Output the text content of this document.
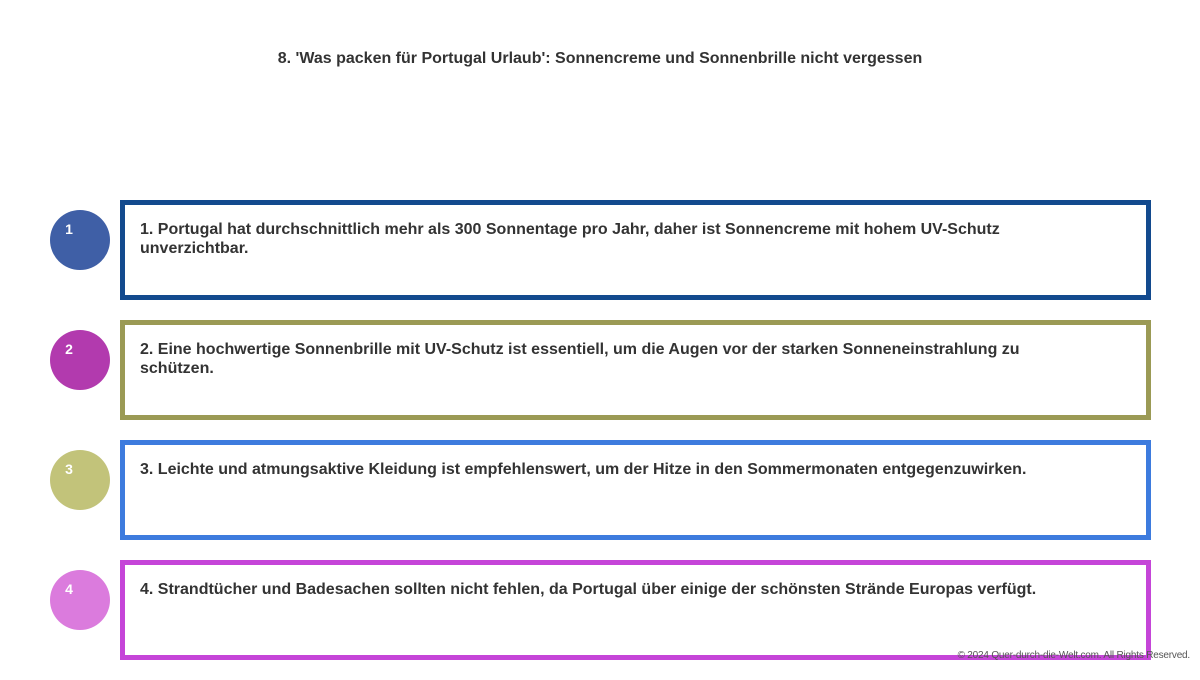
8. 'Was packen für Portugal Urlaub': Sonnencreme und Sonnenbrille nicht vergessen
1	1. Portugal hat durchschnittlich mehr als 300 Sonnentage pro Jahr, daher ist Sonnencreme mit hohem UV-Schutz unverzichtbar.
2	2. Eine hochwertige Sonnenbrille mit UV-Schutz ist essentiell, um die Augen vor der starken Sonneneinstrahlung zu schützen.
3	3. Leichte und atmungsaktive Kleidung ist empfehlenswert, um der Hitze in den Sommermonaten entgegenzuwirken.
4	4. Strandtücher und Badesachen sollten nicht fehlen, da Portugal über einige der schönsten Strände Europas verfügt.
© 2024 Quer-durch-die-Welt.com. All Rights Reserved.
